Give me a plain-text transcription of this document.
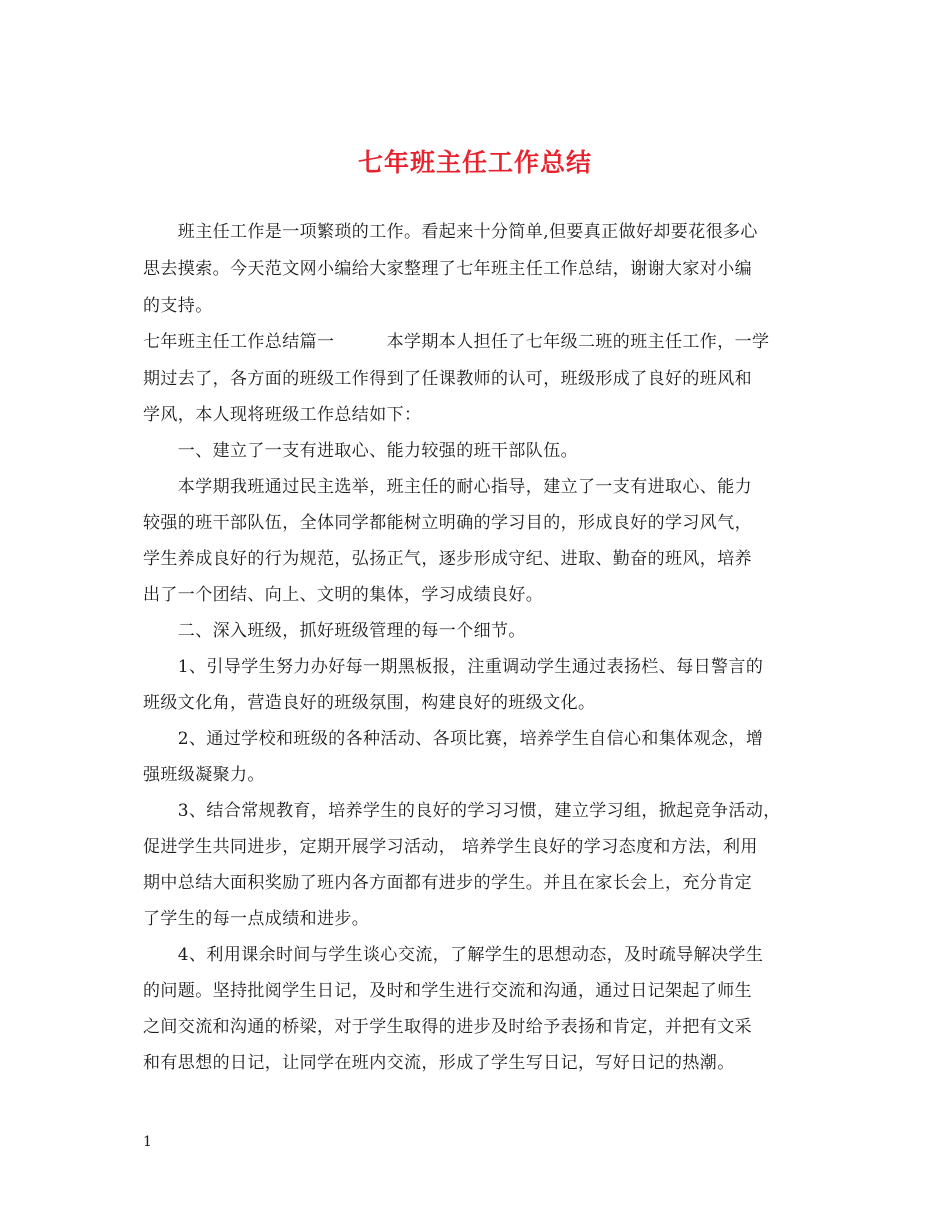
七年班主任工作总结
　　班主任工作是一项繁琐的工作。看起来十分简单,但要真正做好却要花很多心
思去摸索。今天范文网小编给大家整理了七年班主任工作总结，谢谢大家对小编
的支持。
七年班主任工作总结篇一　　　本学期本人担任了七年级二班的班主任工作，一学
期过去了，各方面的班级工作得到了任课教师的认可，班级形成了良好的班风和
学风，本人现将班级工作总结如下：
　　一、建立了一支有进取心、能力较强的班干部队伍。
　　本学期我班通过民主选举，班主任的耐心指导，建立了一支有进取心、能力
较强的班干部队伍，全体同学都能树立明确的学习目的，形成良好的学习风气，
学生养成良好的行为规范，弘扬正气，逐步形成守纪、进取、勤奋的班风，培养
出了一个团结、向上、文明的集体，学习成绩良好。
　　二、深入班级，抓好班级管理的每一个细节。
　　1、引导学生努力办好每一期黑板报，注重调动学生通过表扬栏、每日警言的
班级文化角，营造良好的班级氛围，构建良好的班级文化。
　　2、通过学校和班级的各种活动、各项比赛，培养学生自信心和集体观念，增
强班级凝聚力。
　　3、结合常规教育，培养学生的良好的学习习惯，建立学习组，掀起竞争活动，
促进学生共同进步，定期开展学习活动， 培养学生良好的学习态度和方法，利用
期中总结大面积奖励了班内各方面都有进步的学生。并且在家长会上，充分肯定
了学生的每一点成绩和进步。
　　4、利用课余时间与学生谈心交流，了解学生的思想动态，及时疏导解决学生
的问题。坚持批阅学生日记，及时和学生进行交流和沟通，通过日记架起了师生
之间交流和沟通的桥梁，对于学生取得的进步及时给予表扬和肯定，并把有文采
和有思想的日记，让同学在班内交流，形成了学生写日记，写好日记的热潮。
1
